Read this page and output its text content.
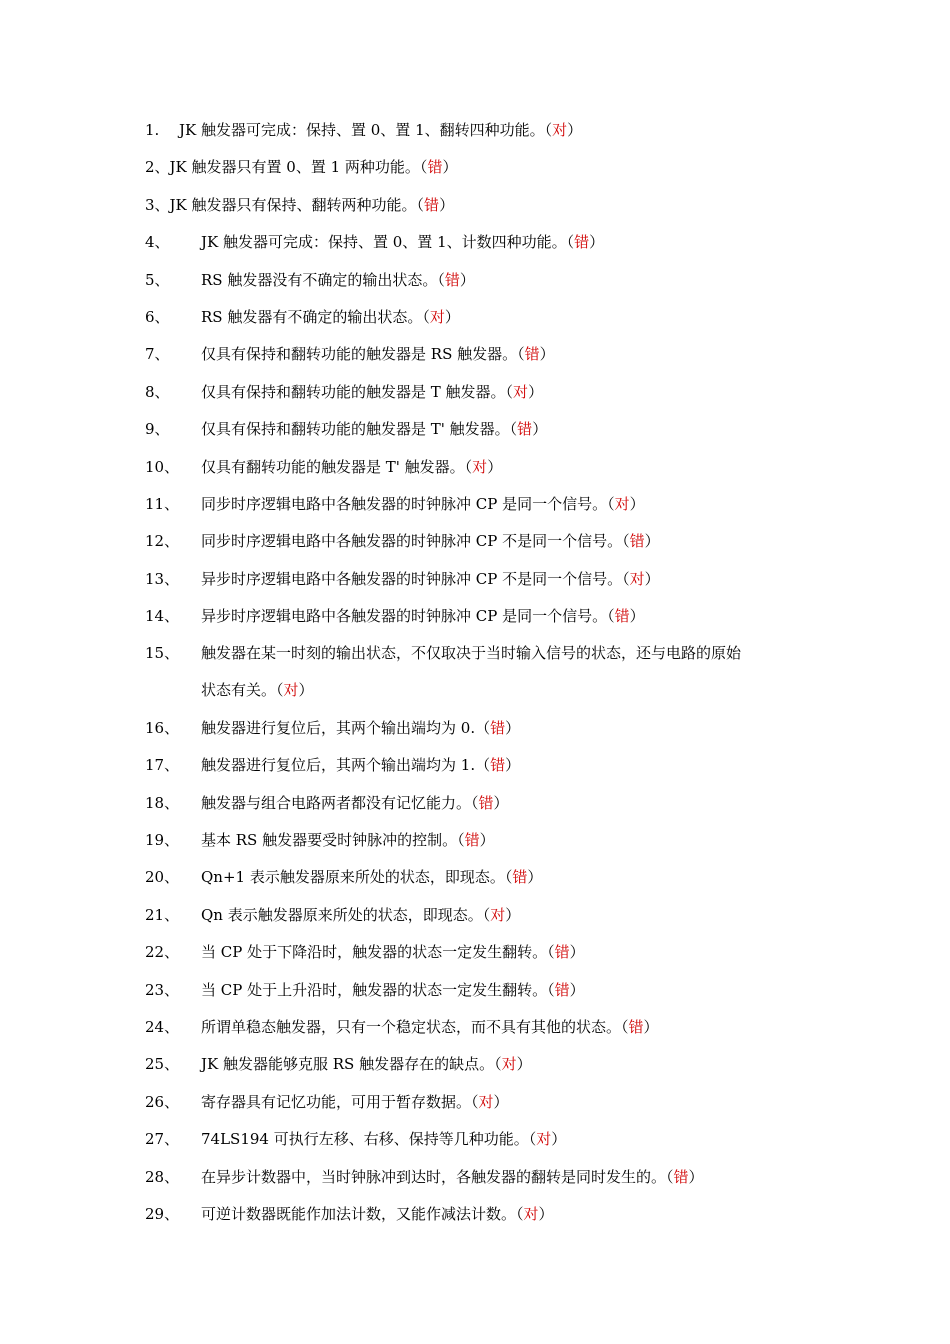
1.	JK 触发器可完成：保持、置 0、置 1、翻转四种功能。（对）
2、 JK 触发器只有置 0、置 1 两种功能。（错）
3、 JK 触发器只有保持、翻转两种功能。（错）
4、	JK 触发器可完成：保持、置 0、置 1、计数四种功能。（错）
5、	RS 触发器没有不确定的输出状态。（错）
6、	RS 触发器有不确定的输出状态。（对）
7、	仅具有保持和翻转功能的触发器是 RS 触发器。（错）
8、	仅具有保持和翻转功能的触发器是 T 触发器。（对）
9、	仅具有保持和翻转功能的触发器是 T' 触发器。（错）
10、	仅具有翻转功能的触发器是 T' 触发器。（对）
11、	同步时序逻辑电路中各触发器的时钟脉冲 CP 是同一个信号。（对）
12、	同步时序逻辑电路中各触发器的时钟脉冲 CP 不是同一个信号。（错）
13、	异步时序逻辑电路中各触发器的时钟脉冲 CP 不是同一个信号。（对）
14、	异步时序逻辑电路中各触发器的时钟脉冲 CP 是同一个信号。（错）
15、	触发器在某一时刻的输出状态，不仅取决于当时输入信号的状态，还与电路的原始
状态有关。（对）
16、	触发器进行复位后，其两个输出端均为 0.（错）
17、	触发器进行复位后，其两个输出端均为 1.（错）
18、	触发器与组合电路两者都没有记忆能力。（错）
19、	基本 RS 触发器要受时钟脉冲的控制。（错）
20、	Qn+1 表示触发器原来所处的状态，即现态。（错）
21、	Qn 表示触发器原来所处的状态，即现态。（对）
22、	当 CP 处于下降沿时，触发器的状态一定发生翻转。（错）
23、	当 CP 处于上升沿时，触发器的状态一定发生翻转。（错）
24、	所谓单稳态触发器，只有一个稳定状态，而不具有其他的状态。（错）
25、	JK 触发器能够克服 RS 触发器存在的缺点。（对）
26、	寄存器具有记忆功能，可用于暂存数据。（对）
27、	74LS194 可执行左移、右移、保持等几种功能。（对）
28、	在异步计数器中，当时钟脉冲到达时，各触发器的翻转是同时发生的。（错）
29、	可逆计数器既能作加法计数，又能作减法计数。（对）
